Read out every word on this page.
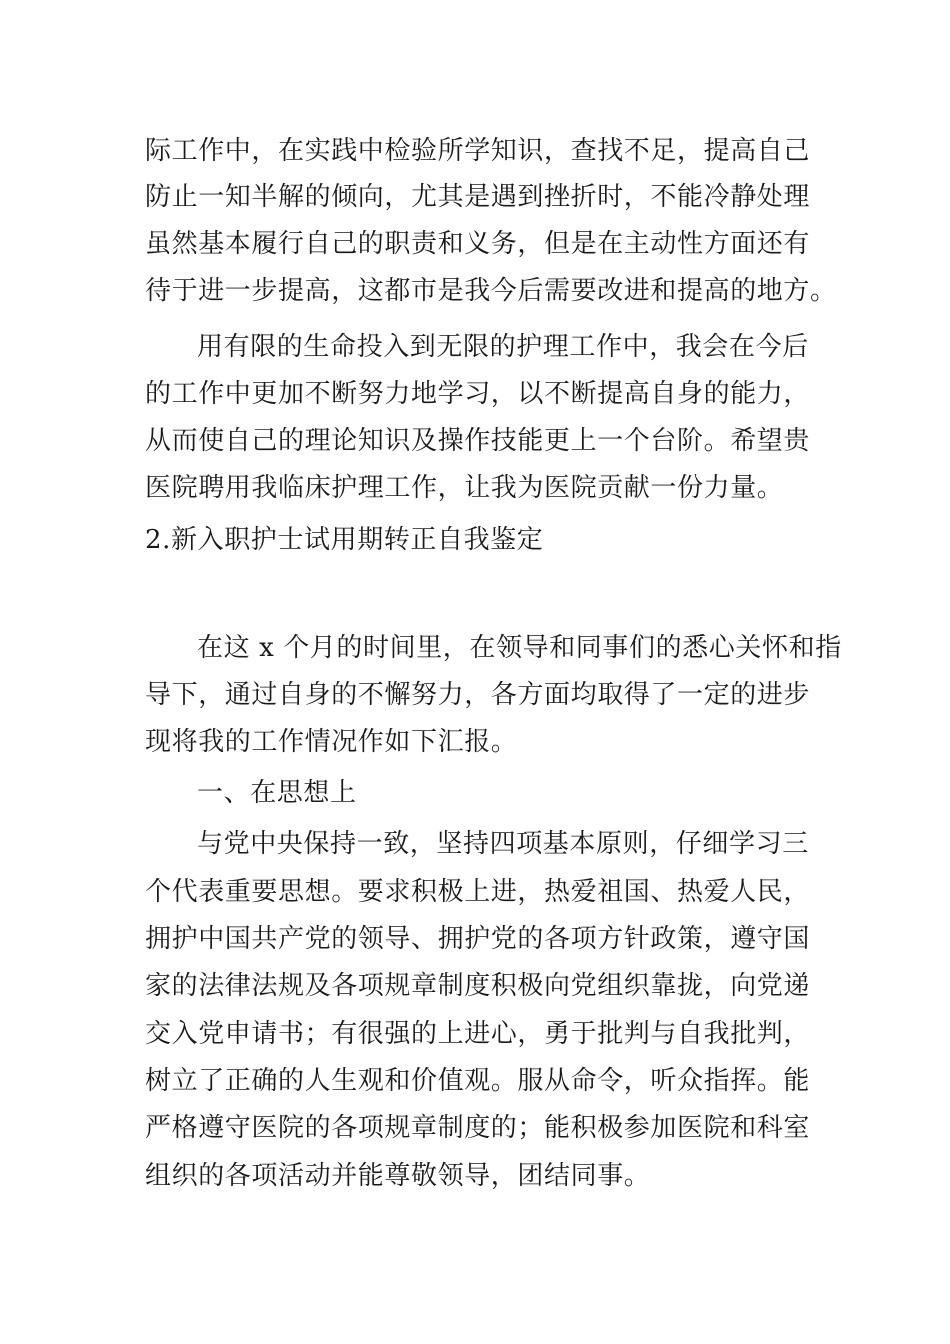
际工作中，在实践中检验所学知识，查找不足，提高自己
防止一知半解的倾向，尤其是遇到挫折时，不能冷静处理
虽然基本履行自己的职责和义务，但是在主动性方面还有
待于进一步提高，这都市是我今后需要改进和提高的地方。
用有限的生命投入到无限的护理工作中，我会在今后
的工作中更加不断努力地学习，以不断提高自身的能力，
从而使自己的理论知识及操作技能更上一个台阶。希望贵
医院聘用我临床护理工作，让我为医院贡献一份力量。
2.新入职护士试用期转正自我鉴定
在这 x 个月的时间里，在领导和同事们的悉心关怀和指
导下，通过自身的不懈努力，各方面均取得了一定的进步
现将我的工作情况作如下汇报。
一、在思想上
与党中央保持一致，坚持四项基本原则，仔细学习三
个代表重要思想。要求积极上进，热爱祖国、热爱人民，
拥护中国共产党的领导、拥护党的各项方针政策，遵守国
家的法律法规及各项规章制度积极向党组织靠拢，向党递
交入党申请书；有很强的上进心，勇于批判与自我批判，
树立了正确的人生观和价值观。服从命令，听众指挥。能
严格遵守医院的各项规章制度的；能积极参加医院和科室
组织的各项活动并能尊敬领导，团结同事。
